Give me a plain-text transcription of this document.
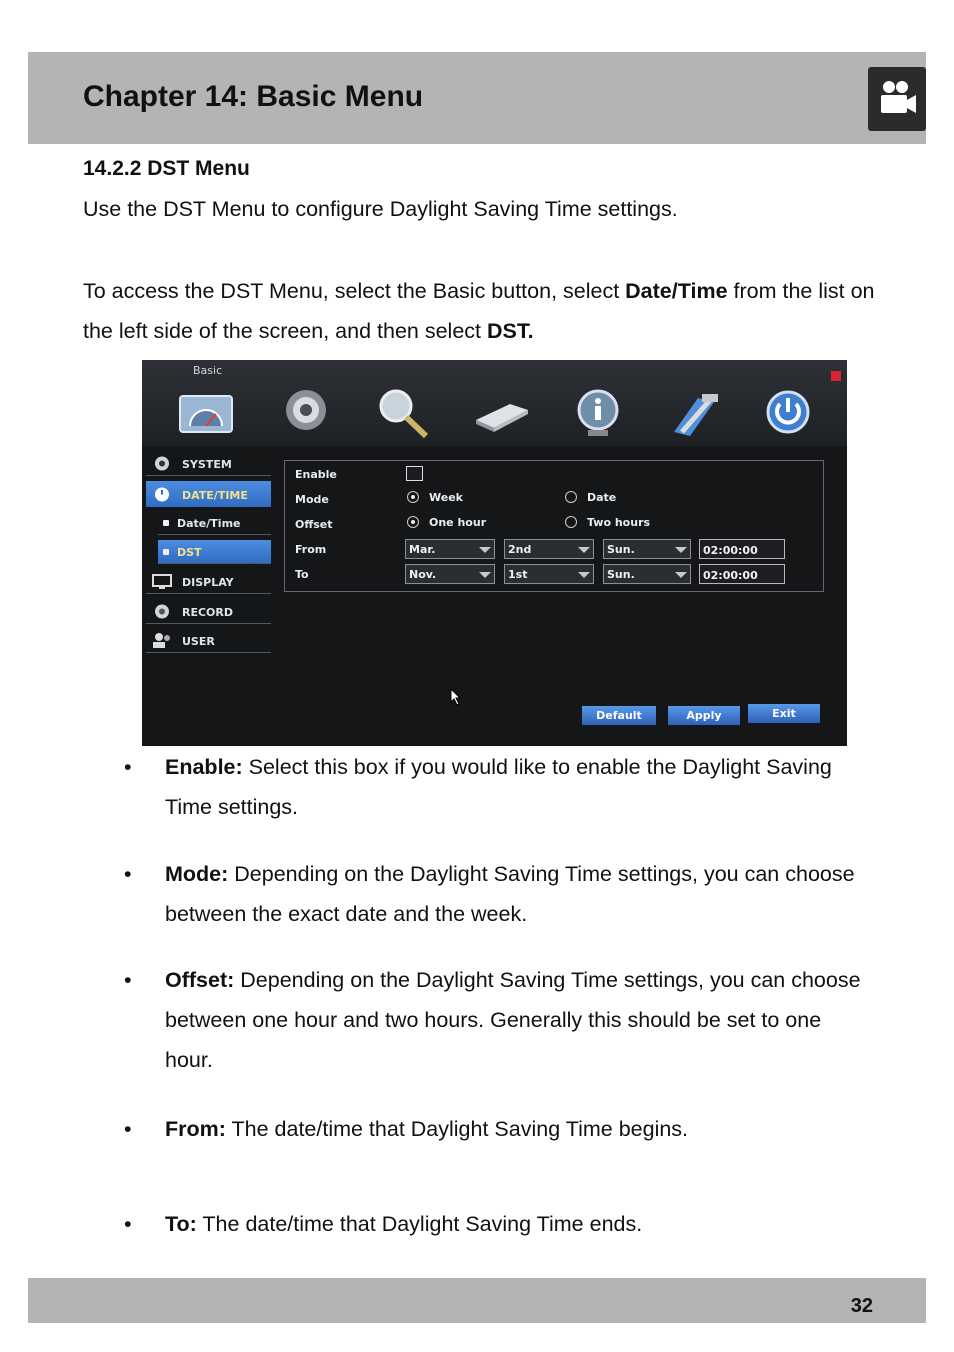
Chapter 14: Basic Menu
14.2.2 DST Menu
Use the DST Menu to configure Daylight Saving Time settings.
To access the DST Menu, select the Basic button, select Date/Time from the list on the left side of the screen, and then select DST.
Basic
SYSTEM
DATE/TIME
Date/Time
DST
DISPLAY
RECORD
USER
Enable
Mode	Week	Date
Offset	One hour	Two hours
From	Mar.	2nd	Sun.	02:00:00
To	Nov.	1st	Sun.	02:00:00
Default	Apply	Exit
• Enable: Select this box if you would like to enable the Daylight Saving Time settings.
• Mode: Depending on the Daylight Saving Time settings, you can choose between the exact date and the week.
• Offset: Depending on the Daylight Saving Time settings, you can choose between one hour and two hours. Generally this should be set to one hour.
• From: The date/time that Daylight Saving Time begins.
• To: The date/time that Daylight Saving Time ends.
32
